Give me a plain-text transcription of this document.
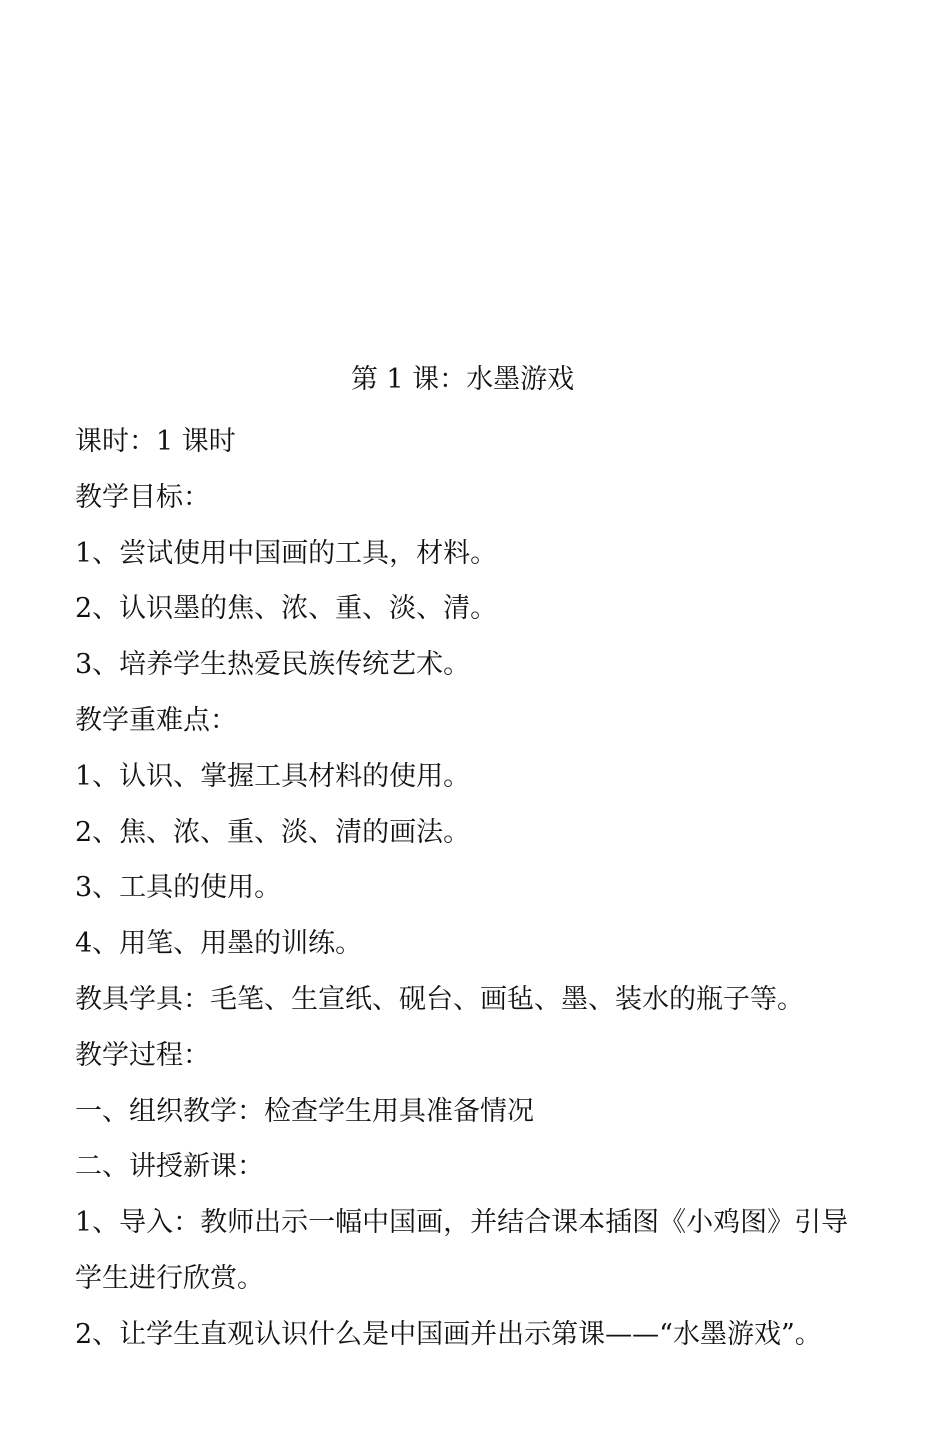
第 1 课：水墨游戏
课时：1 课时
教学目标：
1、尝试使用中国画的工具，材料。
2、认识墨的焦、浓、重、淡、清。
3、培养学生热爱民族传统艺术。
教学重难点：
1、认识、掌握工具材料的使用。
2、焦、浓、重、淡、清的画法。
3、工具的使用。
4、用笔、用墨的训练。
教具学具：毛笔、生宣纸、砚台、画毡、墨、装水的瓶子等。
教学过程：
一、组织教学：检查学生用具准备情况
二、讲授新课：
1、导入：教师出示一幅中国画，并结合课本插图《小鸡图》引导
学生进行欣赏。
2、让学生直观认识什么是中国画并出示第课——“水墨游戏”。
